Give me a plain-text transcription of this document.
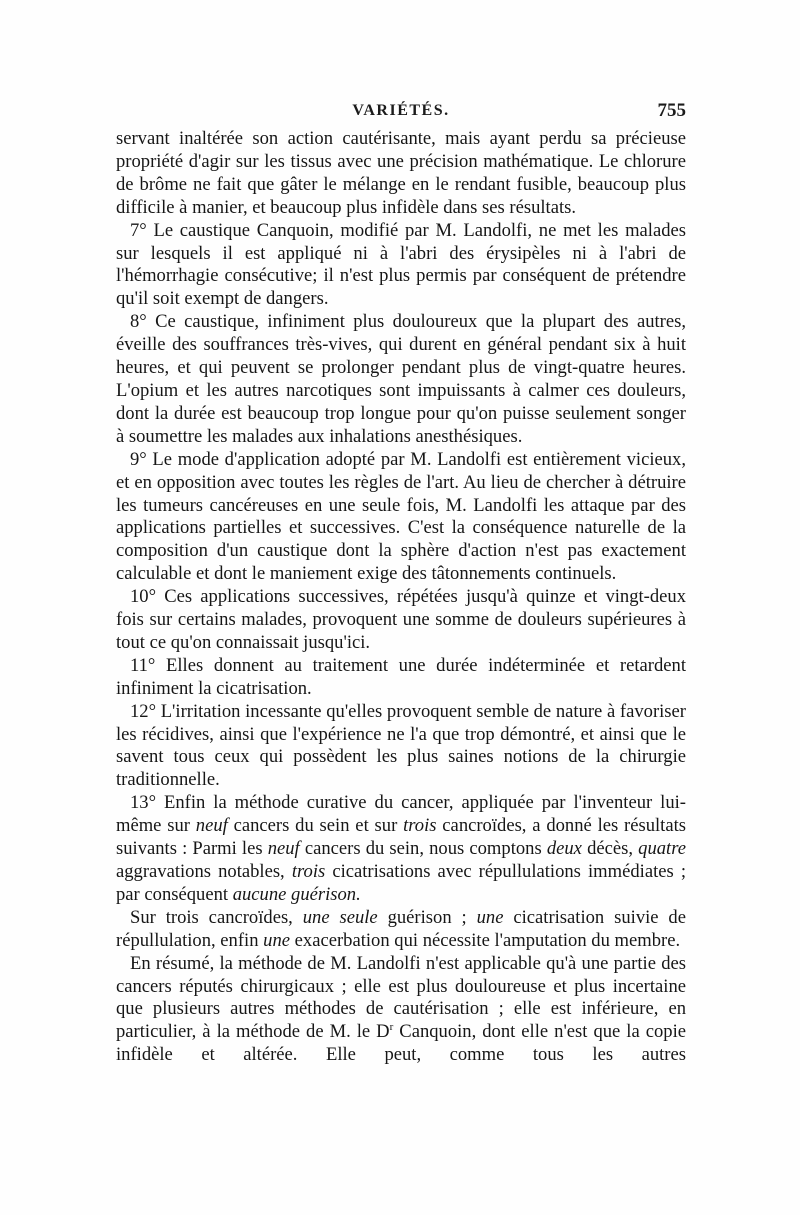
VARIÉTÉS.	755

servant inaltérée son action cautérisante, mais ayant perdu sa précieuse propriété d'agir sur les tissus avec une précision mathématique. Le chlorure de brôme ne fait que gâter le mélange en le rendant fusible, beaucoup plus difficile à manier, et beaucoup plus infidèle dans ses résultats.

7° Le caustique Canquoin, modifié par M. Landolfi, ne met les malades sur lesquels il est appliqué ni à l'abri des érysipèles ni à l'abri de l'hémorrhagie consécutive; il n'est plus permis par conséquent de prétendre qu'il soit exempt de dangers.

8° Ce caustique, infiniment plus douloureux que la plupart des autres, éveille des souffrances très-vives, qui durent en général pendant six à huit heures, et qui peuvent se prolonger pendant plus de vingt-quatre heures. L'opium et les autres narcotiques sont impuissants à calmer ces douleurs, dont la durée est beaucoup trop longue pour qu'on puisse seulement songer à soumettre les malades aux inhalations anesthésiques.

9° Le mode d'application adopté par M. Landolfi est entièrement vicieux, et en opposition avec toutes les règles de l'art. Au lieu de chercher à détruire les tumeurs cancéreuses en une seule fois, M. Landolfi les attaque par des applications partielles et successives. C'est la conséquence naturelle de la composition d'un caustique dont la sphère d'action n'est pas exactement calculable et dont le maniement exige des tâtonnements continuels.

10° Ces applications successives, répétées jusqu'à quinze et vingt-deux fois sur certains malades, provoquent une somme de douleurs supérieures à tout ce qu'on connaissait jusqu'ici.

11° Elles donnent au traitement une durée indéterminée et retardent infiniment la cicatrisation.

12° L'irritation incessante qu'elles provoquent semble de nature à favoriser les récidives, ainsi que l'expérience ne l'a que trop démontré, et ainsi que le savent tous ceux qui possèdent les plus saines notions de la chirurgie traditionnelle.

13° Enfin la méthode curative du cancer, appliquée par l'inventeur lui-même sur neuf cancers du sein et sur trois cancroïdes, a donné les résultats suivants : Parmi les neuf cancers du sein, nous comptons deux décès, quatre aggravations notables, trois cicatrisations avec répullulations immédiates ; par conséquent aucune guérison.

Sur trois cancroïdes, une seule guérison ; une cicatrisation suivie de répullulation, enfin une exacerbation qui nécessite l'amputation du membre.

En résumé, la méthode de M. Landolfi n'est applicable qu'à une partie des cancers réputés chirurgicaux ; elle est plus douloureuse et plus incertaine que plusieurs autres méthodes de cautérisation ; elle est inférieure, en particulier, à la méthode de M. le $D^r$ Canquoin, dont elle n'est que la copie infidèle et altérée. Elle peut, comme tous les autres
